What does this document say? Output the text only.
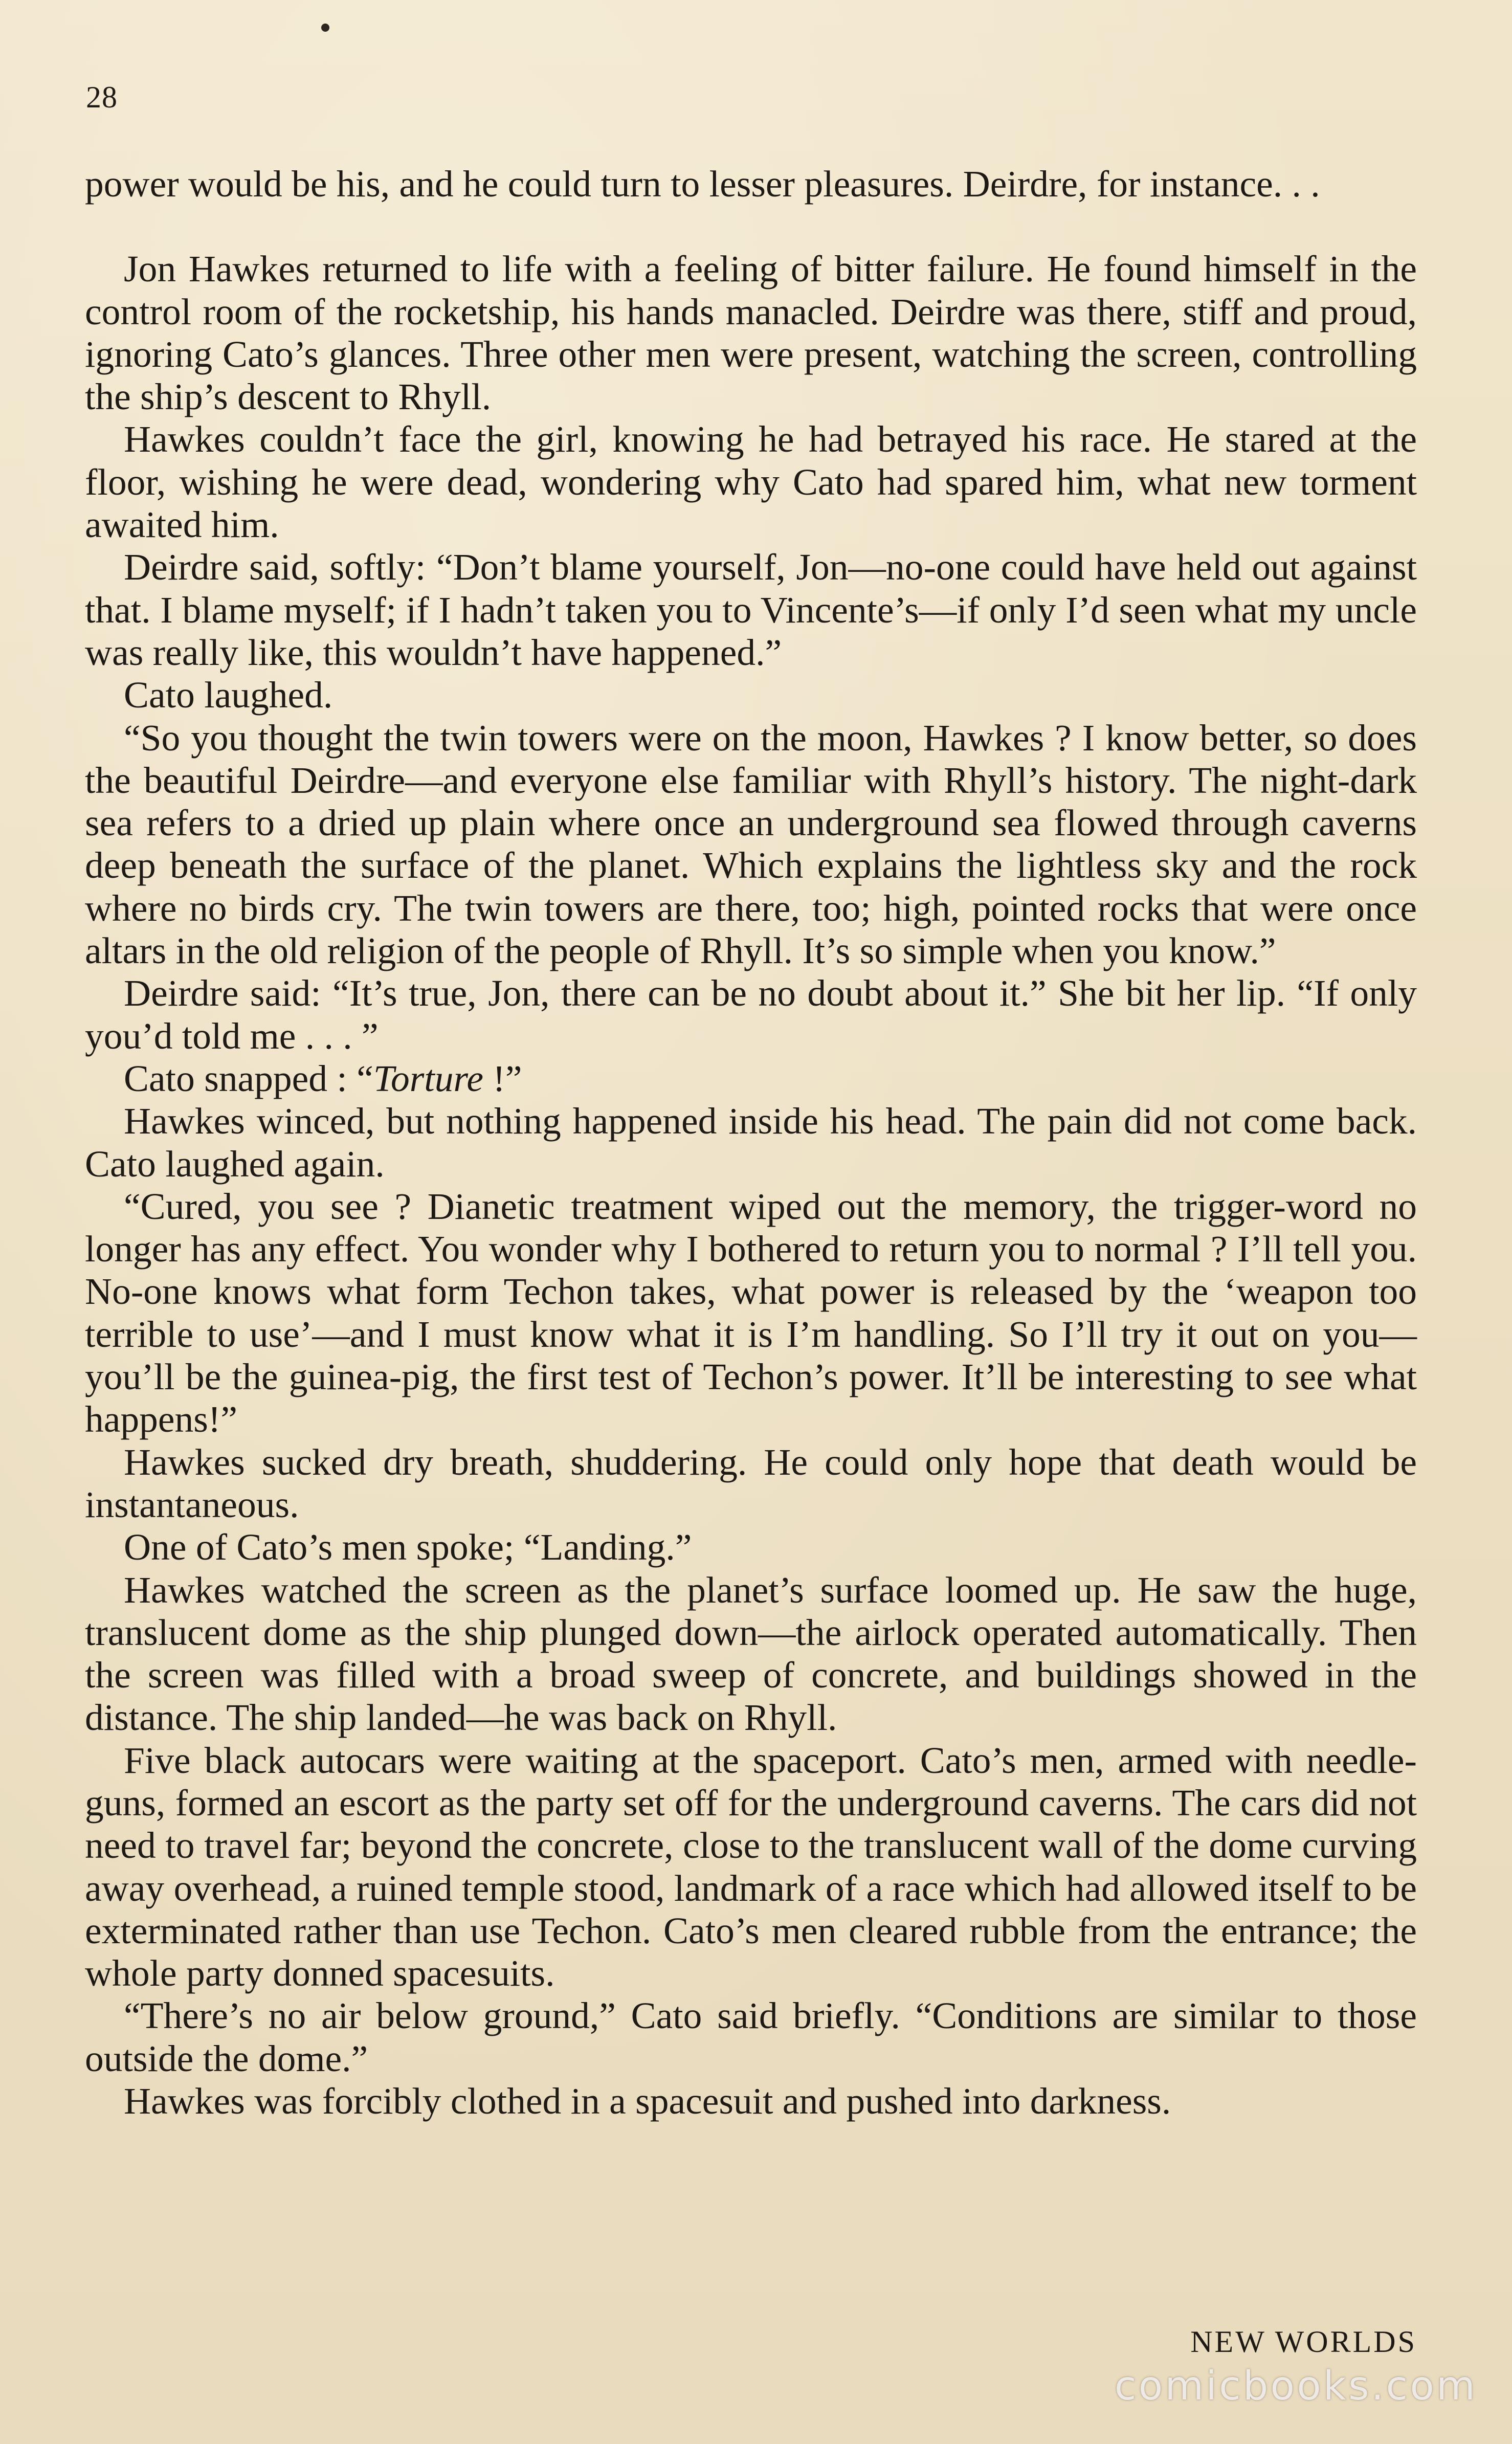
28

power would be his, and he could turn to lesser pleasures. Deirdre, for instance. . .

Jon Hawkes returned to life with a feeling of bitter failure. He found himself in the control room of the rocketship, his hands manacled. Deirdre was there, stiff and proud, ignoring Cato’s glances. Three other men were present, watching the screen, controlling the ship’s descent to Rhyll.

Hawkes couldn’t face the girl, knowing he had betrayed his race. He stared at the floor, wishing he were dead, wondering why Cato had spared him, what new torment awaited him.

Deirdre said, softly: “Don’t blame yourself, Jon—no-one could have held out against that. I blame myself; if I hadn’t taken you to Vincente’s—if only I’d seen what my uncle was really like, this wouldn’t have happened.”

Cato laughed.

“So you thought the twin towers were on the moon, Hawkes ? I know better, so does the beautiful Deirdre—and everyone else familiar with Rhyll’s history. The night-dark sea refers to a dried up plain where once an underground sea flowed through caverns deep beneath the surface of the planet. Which explains the lightless sky and the rock where no birds cry. The twin towers are there, too; high, pointed rocks that were once altars in the old religion of the people of Rhyll. It’s so simple when you know.”

Deirdre said: “It’s true, Jon, there can be no doubt about it.” She bit her lip. “If only you’d told me . . . ”

Cato snapped : “Torture !”

Hawkes winced, but nothing happened inside his head. The pain did not come back. Cato laughed again.

“Cured, you see ? Dianetic treatment wiped out the memory, the trigger-word no longer has any effect. You wonder why I bothered to return you to normal ? I’ll tell you. No-one knows what form Techon takes, what power is released by the ‘weapon too terrible to use’—and I must know what it is I’m handling. So I’ll try it out on you—you’ll be the guinea-pig, the first test of Techon’s power. It’ll be interesting to see what happens!”

Hawkes sucked dry breath, shuddering. He could only hope that death would be instantaneous.

One of Cato’s men spoke; “Landing.”

Hawkes watched the screen as the planet’s surface loomed up. He saw the huge, translucent dome as the ship plunged down—the airlock operated automatically. Then the screen was filled with a broad sweep of concrete, and buildings showed in the distance. The ship landed—he was back on Rhyll.

Five black autocars were waiting at the spaceport. Cato’s men, armed with needle-guns, formed an escort as the party set off for the underground caverns. The cars did not need to travel far; beyond the concrete, close to the translucent wall of the dome curving away overhead, a ruined temple stood, landmark of a race which had allowed itself to be exterminated rather than use Techon. Cato’s men cleared rubble from the entrance; the whole party donned spacesuits.

“There’s no air below ground,” Cato said briefly. “Conditions are similar to those outside the dome.”

Hawkes was forcibly clothed in a spacesuit and pushed into darkness.

NEW WORLDS
comicbooks.com
